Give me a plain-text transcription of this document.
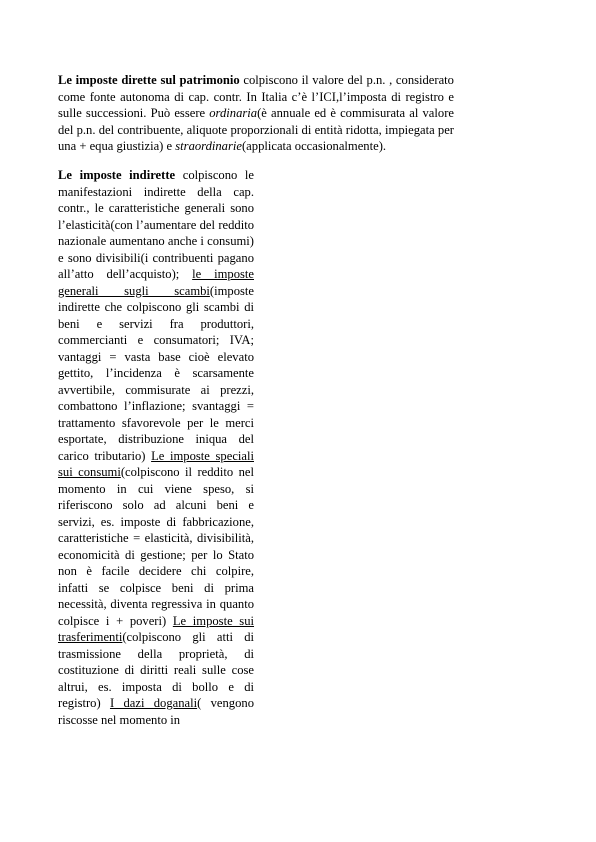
Le imposte dirette sul patrimonio colpiscono il valore del p.n. , considerato come fonte autonoma di cap. contr. In Italia c’è l’ICI,l’imposta di registro e sulle successioni. Può essere ordinaria(è annuale ed è commisurata al valore del p.n. del contribuente, aliquote proporzionali di entità ridotta, impiegata per una + equa giustizia) e straordinarie(applicata occasionalmente).

Le imposte indirette colpiscono le manifestazioni indirette della cap. contr., le caratteristiche generali sono l’elasticità(con l’aumentare del reddito nazionale aumentano anche i consumi) e sono divisibili(i contribuenti pagano all’atto dell’acquisto); le imposte generali sugli scambi(imposte indirette che colpiscono gli scambi di beni e servizi fra produttori, commercianti e consumatori; IVA; vantaggi = vasta base cioè elevato gettito, l’incidenza è scarsamente avvertibile, commisurate ai prezzi, combattono l’inflazione; svantaggi = trattamento sfavorevole per le merci esportate, distribuzione iniqua del carico tributario) Le imposte speciali sui consumi(colpiscono il reddito nel momento in cui viene speso, si riferiscono solo ad alcuni beni e servizi, es. imposte di fabbricazione, caratteristiche = elasticità, divisibilità, economicità di gestione; per lo Stato non è facile decidere chi colpire, infatti se colpisce beni di prima necessità, diventa regressiva in quanto colpisce i + poveri) Le imposte sui trasferimenti(colpiscono gli atti di trasmissione della proprietà, di costituzione di diritti reali sulle cose altrui, es. imposta di bollo e di registro) I dazi doganali( vengono riscosse nel momento in
